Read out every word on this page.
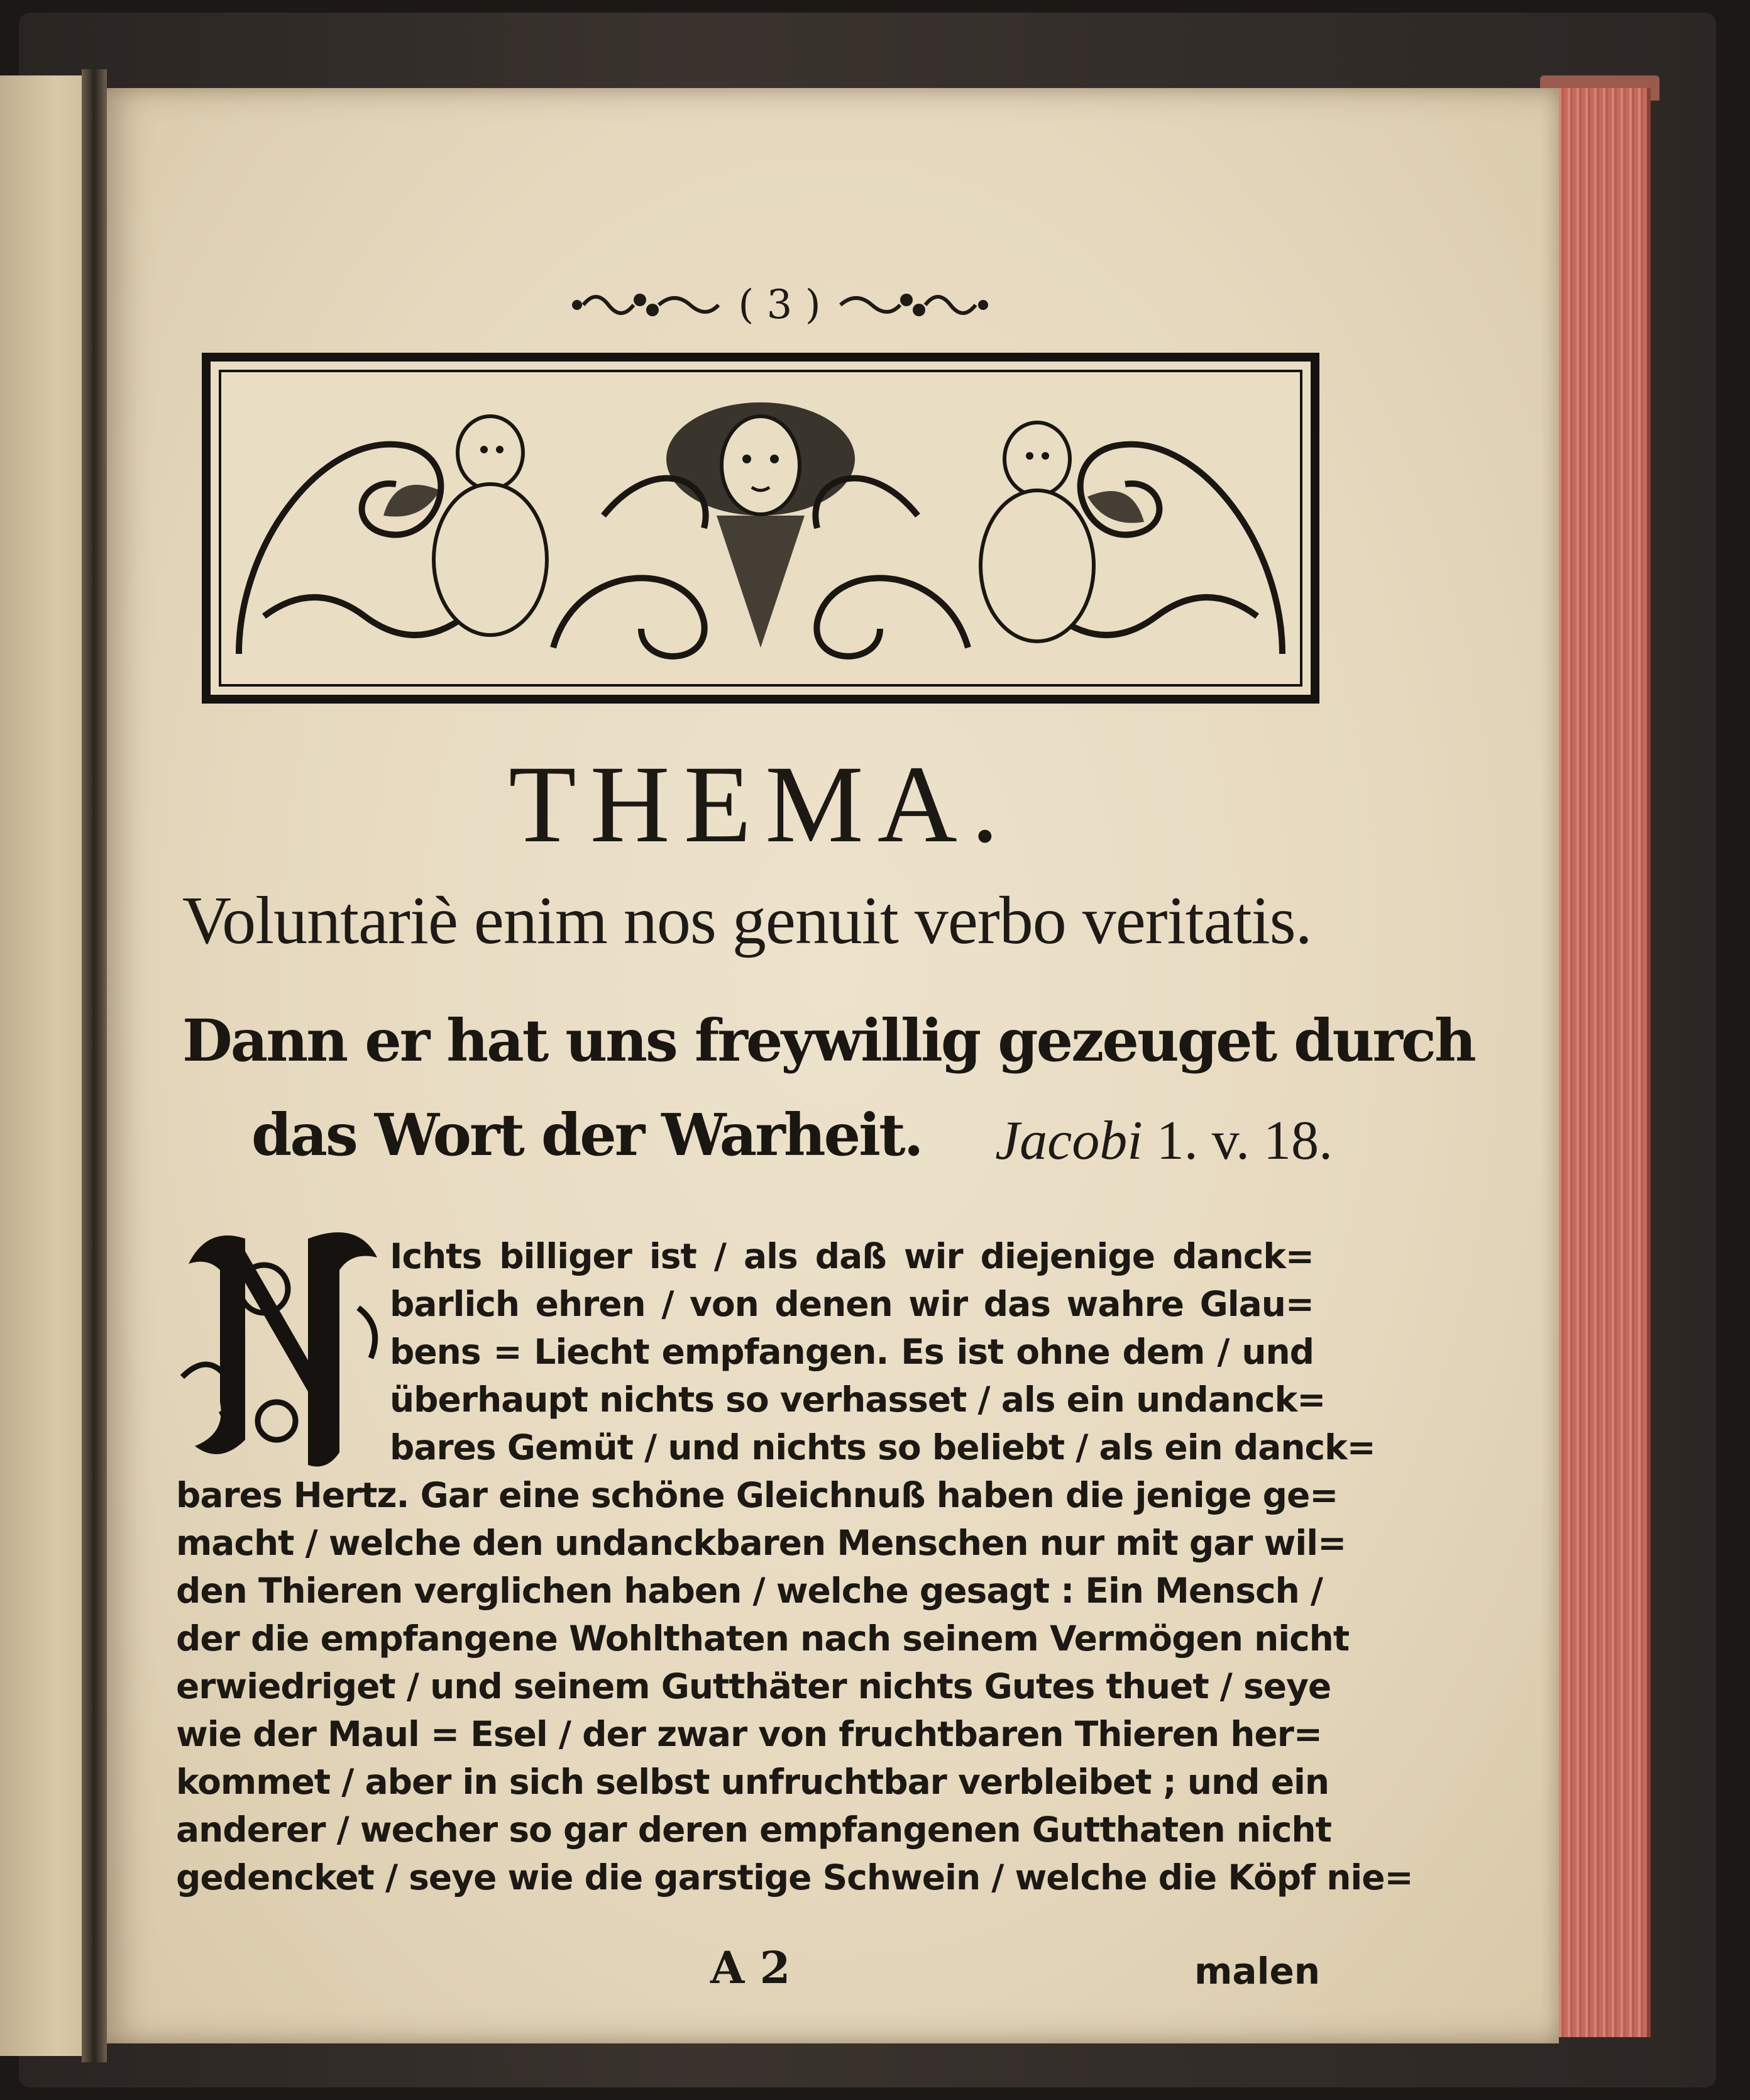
( 3 )
THEMA.
Voluntariè enim nos genuit verbo veritatis.
Dann er hat uns freywillig gezeuget durch
das Wort der Warheit.	Jacobi 1. v. 18.
Ichts billiger ist / als daß wir diejenige danck=
barlich ehren / von denen wir das wahre Glau=
bens = Liecht empfangen. Es ist ohne dem / und
überhaupt nichts so verhasset / als ein undanck=
bares Gemüt / und nichts so beliebt / als ein danck=
bares Hertz. Gar eine schöne Gleichnuß haben die jenige ge=
macht / welche den undanckbaren Menschen nur mit gar wil=
den Thieren verglichen haben / welche gesagt : Ein Mensch /
der die empfangene Wohlthaten nach seinem Vermögen nicht
erwiedriget / und seinem Gutthäter nichts Gutes thuet / seye
wie der Maul = Esel / der zwar von fruchtbaren Thieren her=
kommet / aber in sich selbst unfruchtbar verbleibet ; und ein
anderer / wecher so gar deren empfangenen Gutthaten nicht
gedencket / seye wie die garstige Schwein / welche die Köpf nie=
A 2	malen
